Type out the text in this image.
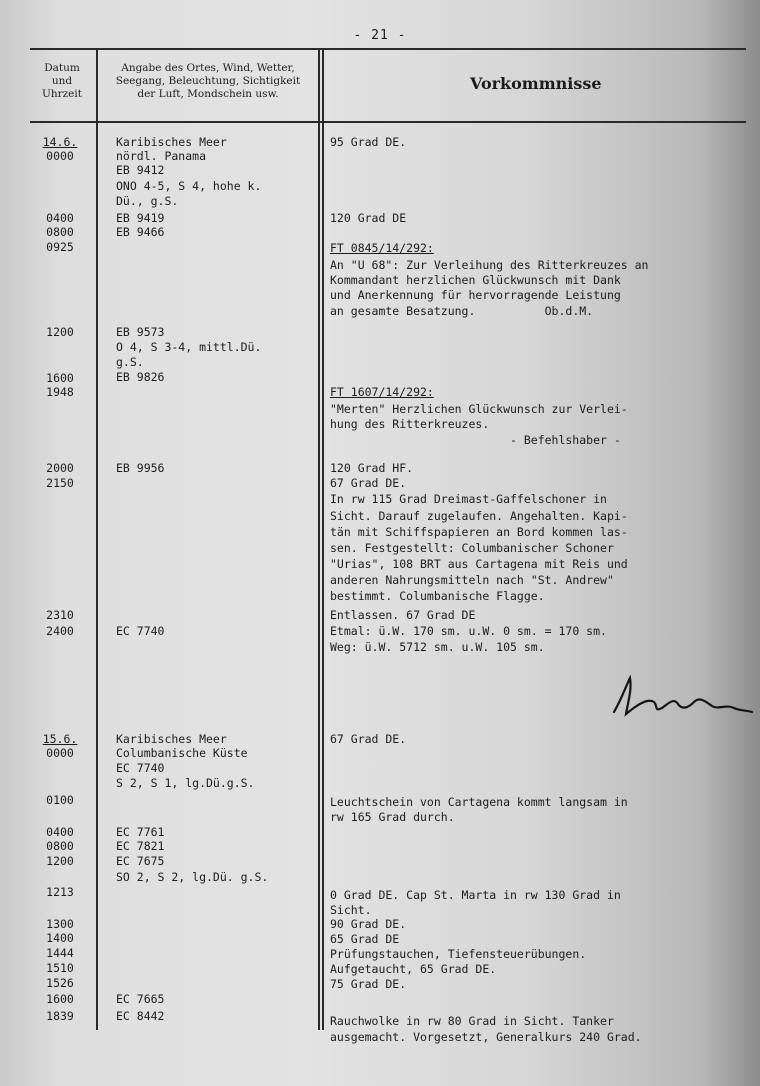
- 21 -
Datum
und
Uhrzeit
Angabe des Ortes, Wind, Wetter,
Seegang, Beleuchtung, Sichtigkeit
der Luft, Mondschein usw.
Vorkommnisse
14.6.
0000
0400
0800
0925
1200
1600
1948
2000
2150
2310
2400
15.6.
0000
0100
0400
0800
1200
1213
1300
1400
1444
1510
1526
1600
1839
Karibisches Meer
nördl. Panama
EB 9412
ONO 4-5, S 4, hohe k.
Dü., g.S.
EB 9419
EB 9466
EB 9573
O 4, S 3-4, mittl.Dü.
g.S.
EB 9826
EB 9956
EC 7740
Karibisches Meer
Columbanische Küste
EC 7740
S 2, S 1, lg.Dü.g.S.
EC 7761
EC 7821
EC 7675
SO 2, S 2, lg.Dü. g.S.
EC 7665
EC 8442
95 Grad DE.
120 Grad DE
FT 0845/14/292:
An "U 68": Zur Verleihung des Ritterkreuzes an
Kommandant herzlichen Glückwunsch mit Dank
und Anerkennung für hervorragende Leistung
an gesamte Besatzung.          Ob.d.M.
FT 1607/14/292:
"Merten" Herzlichen Glückwunsch zur Verlei-
hung des Ritterkreuzes.
- Befehlshaber -
120 Grad HF.
67 Grad DE.
In rw 115 Grad Dreimast-Gaffelschoner in
Sicht. Darauf zugelaufen. Angehalten. Kapi-
tän mit Schiffspapieren an Bord kommen las-
sen. Festgestellt: Columbanischer Schoner
"Urias", 108 BRT aus Cartagena mit Reis und
anderen Nahrungsmitteln nach "St. Andrew"
bestimmt. Columbanische Flagge.
Entlassen. 67 Grad DE
Etmal: ü.W. 170 sm. u.W. 0 sm. = 170 sm.
Weg: ü.W. 5712 sm. u.W. 105 sm.
67 Grad DE.
Leuchtschein von Cartagena kommt langsam in
rw 165 Grad durch.
0 Grad DE. Cap St. Marta in rw 130 Grad in
Sicht.
90 Grad DE.
65 Grad DE
Prüfungstauchen, Tiefensteuerübungen.
Aufgetaucht, 65 Grad DE.
75 Grad DE.
Rauchwolke in rw 80 Grad in Sicht. Tanker
ausgemacht. Vorgesetzt, Generalkurs 240 Grad.
